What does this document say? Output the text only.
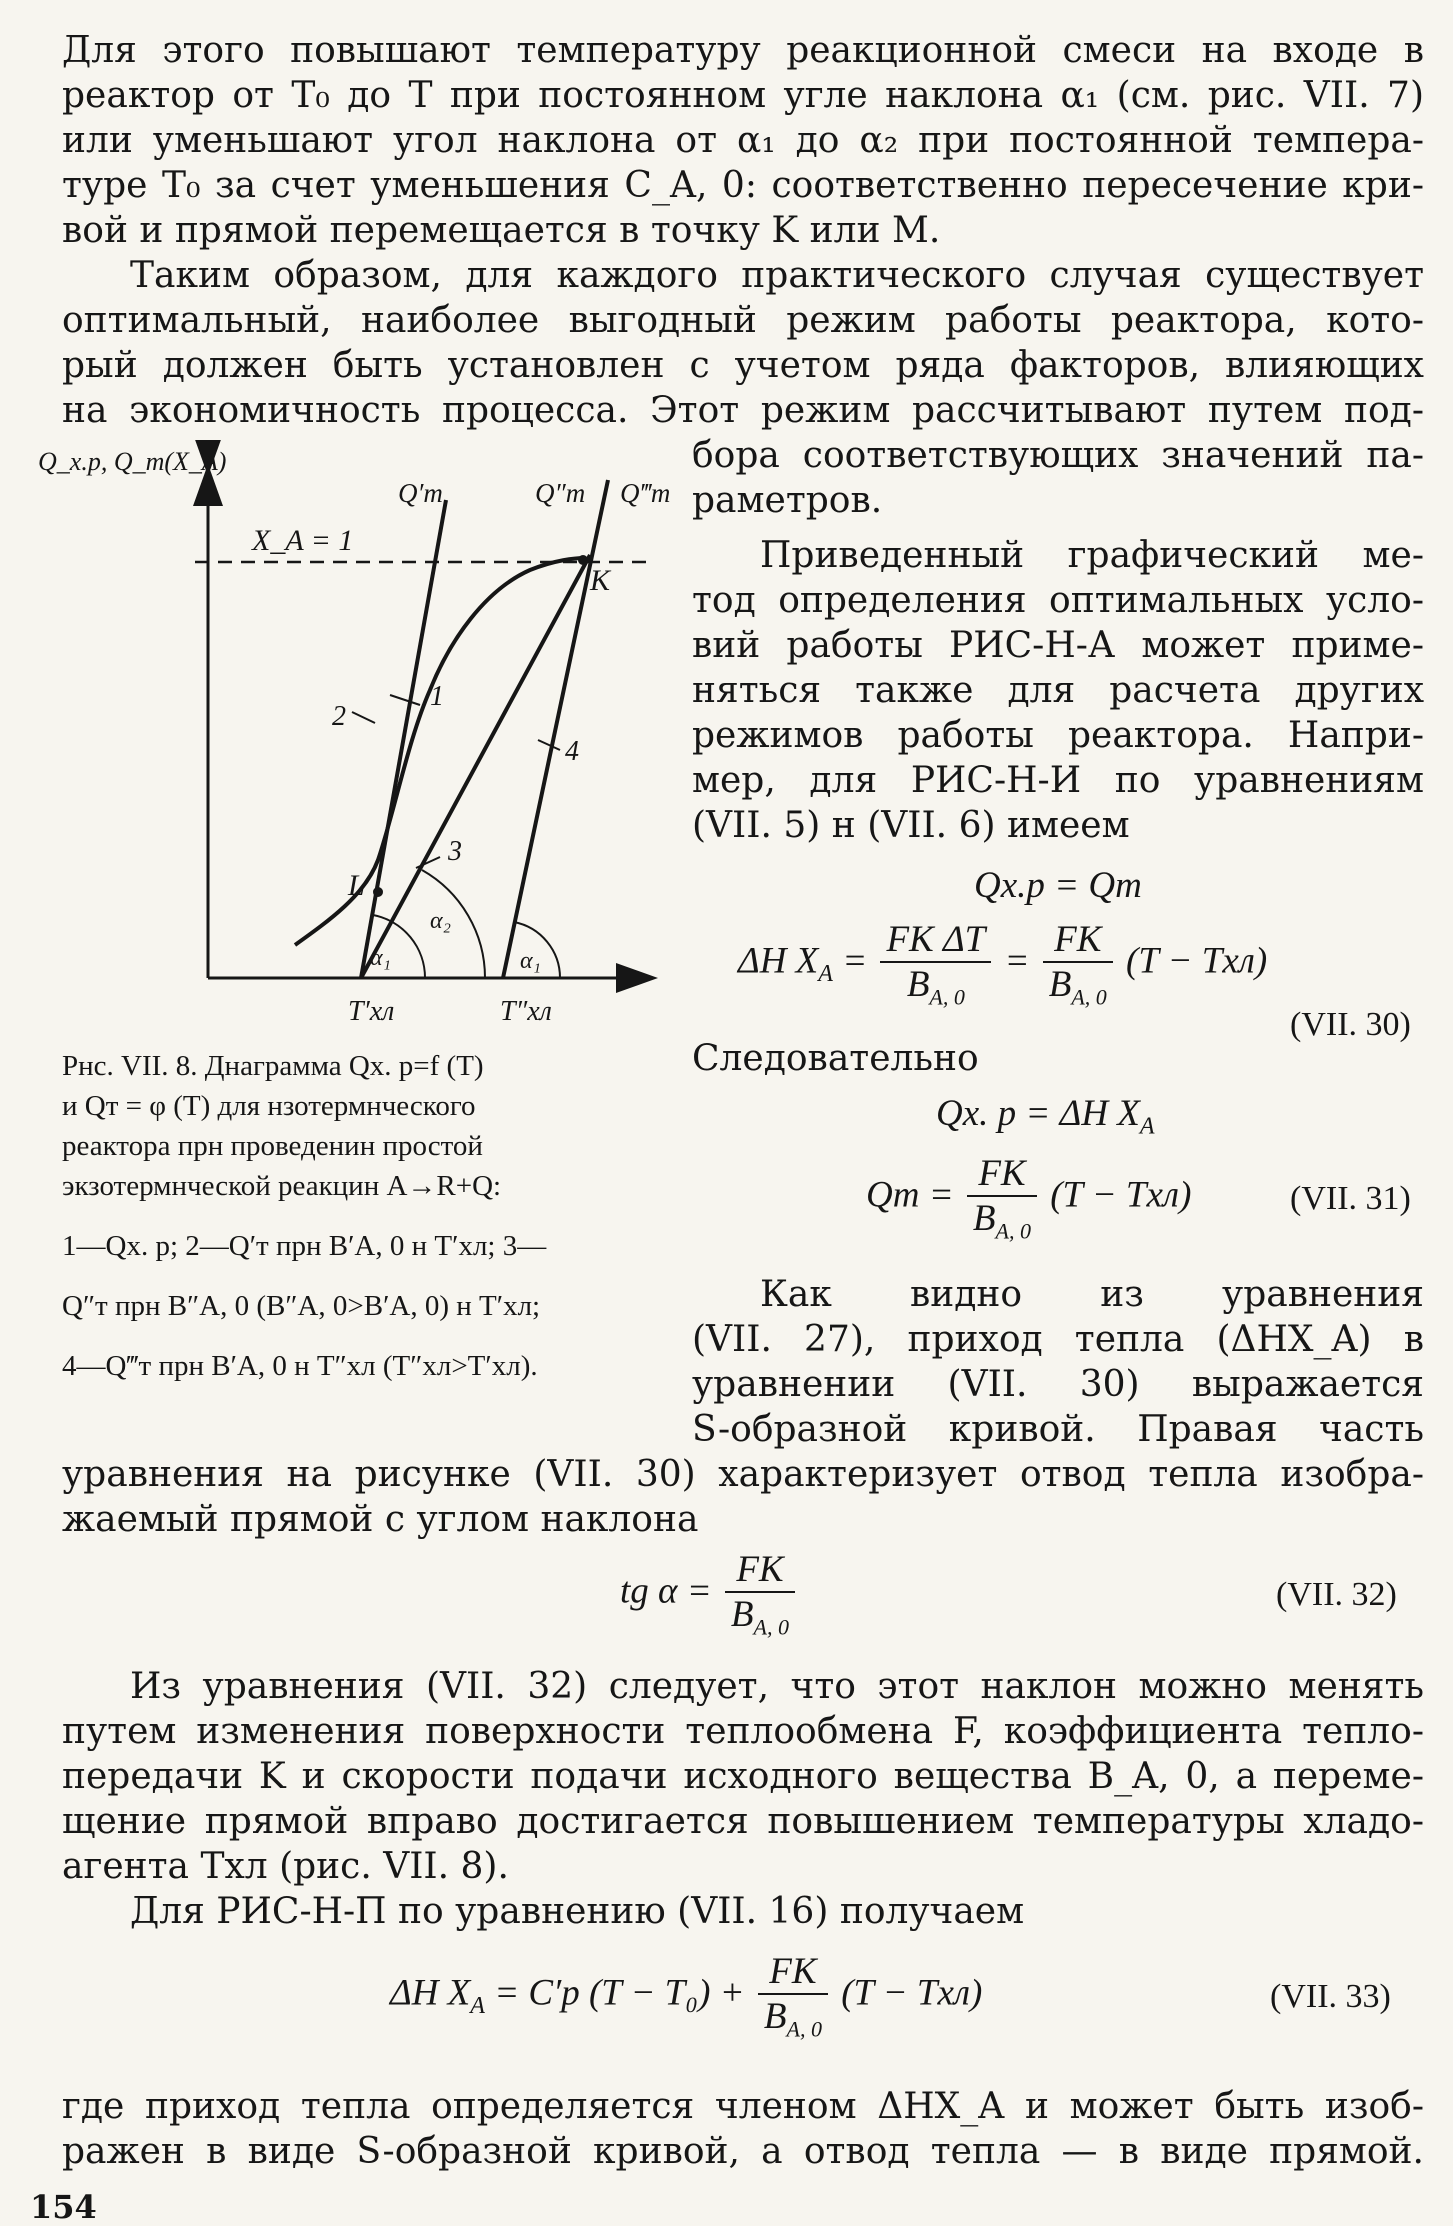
Для этого повышают температуру реакционной смеси на входе в
реактор от T₀ до T при постоянном угле наклона α₁ (см. рис. VII. 7)
или уменьшают угол наклона от α₁ до α₂ при постоянной темпера-
туре T₀ за счет уменьшения C_A, 0: соответственно пересечение кри-
вой и прямой перемещается в точку K или M.
Таким образом, для каждого практического случая существует
оптимальный, наиболее выгодный режим работы реактора, кото-
рый должен быть установлен с учетом ряда факторов, влияющих
на экономичность процесса. Этот режим рассчитывают путем под-
бора соответствующих значений па-
раметров.
Приведенный графический ме-
тод определения оптимальных усло-
вий работы РИС-Н-А может приме-
няться также для расчета других
режимов работы реактора. Напри-
мер, для РИС-Н-И по уравнениям
(VII. 5) н (VII. 6) имеем
Q_х.р, Q_т(X_A)
X_A = 1
Q′т	Q″т Q‴т
K
L
1
2
3
4
α₁
α₂
α₁
T′хл	T″хл
Рнс. VII. 8. Днаграмма Qх. р=f (T)
и Qт = φ (T) для нзотермнческого
реактора прн проведенин простой
экзотермнческой реакцин A→R+Q:
1—Qх. р; 2—Q′т прн B′A, 0 н T′хл; 3—
Q″т прн B″A, 0 (B″A, 0>B′A, 0) н T′хл;
4—Q‴т прн B′A, 0 н T″хл (T″хл>T′хл).
Qх.р = Qт
ΔH $X_A = \frac{\text{FK ΔT}}{B_{A, 0}} = \frac{FK}{B_{A, 0}} (T - Tхл)$
(VII. 30)
Следовательно
Qх. р = ΔH $X_A$
Qт = $\frac{FK}{B_{A, 0}} (T - Tхл)$	(VII. 31)
Как видно из уравнения
(VII. 27), приход тепла (ΔHX_A) в
уравнении (VII. 30) выражается
S-образной кривой. Правая часть
уравнения на рисунке (VII. 30) характеризует отвод тепла изобра-
жаемый прямой с углом наклона
tg $\alpha = \frac{FK}{B_{A, 0}}$	(VII. 32)
Из уравнения (VII. 32) следует, что этот наклон можно менять
путем изменения поверхности теплообмена F, коэффициента тепло-
передачи K и скорости подачи исходного вещества B_A, 0, а переме-
щение прямой вправо достигается повышением температуры хладо-
агента Tхл (рис. VII. 8).
Для РИС-Н-П по уравнению (VII. 16) получаем
ΔH $X_A = C'p$ $(T - T_0) + \frac{FK}{B_{A, 0}} (T - Tхл)$	(VII. 33)
где приход тепла определяется членом ΔHX_A и может быть изоб-
ражен в виде S-образной кривой, а отвод тепла — в виде прямой.
154
